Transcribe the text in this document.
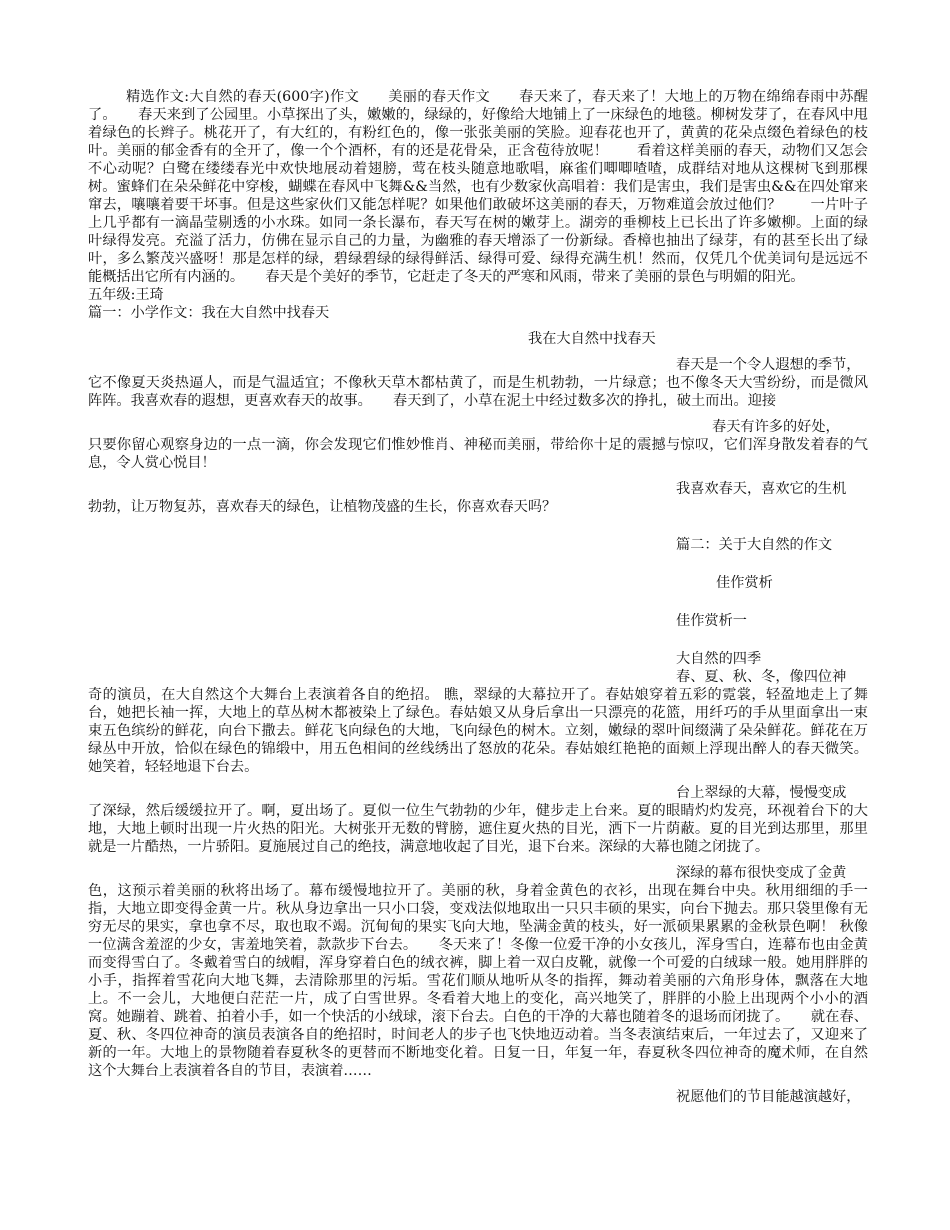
精选作文:大自然的春天(600字)作文　　美丽的春天作文　　春天来了，春天来了！大地上的万物在绵绵春雨中苏醒了。　　春天来到了公园里。小草探出了头，嫩嫩的，绿绿的，好像给大地铺上了一床绿色的地毯。柳树发芽了，在春风中甩着绿色的长辫子。桃花开了，有大红的，有粉红色的，像一张张美丽的笑脸。迎春花也开了，黄黄的花朵点缀色着绿色的枝叶。美丽的郁金香有的全开了，像一个个酒杯，有的还是花骨朵，正含苞待放呢！　　看着这样美丽的春天，动物们又怎会不心动呢？白鹭在缕缕春光中欢快地展动着翅膀，莺在枝头随意地歌唱，麻雀们唧唧喳喳，成群结对地从这棵树飞到那棵树。蜜蜂们在朵朵鲜花中穿梭，蝴蝶在春风中飞舞&&当然，也有少数家伙高唱着：我们是害虫，我们是害虫&&在四处窜来窜去，嚷嚷着要干坏事。但是这些家伙们又能怎样呢？如果他们敢破坏这美丽的春天，万物难道会放过他们？　　一片叶子上几乎都有一滴晶莹剔透的小水珠。如同一条长瀑布，春天写在树的嫩芽上。湖旁的垂柳枝上已长出了许多嫩柳。上面的绿叶绿得发亮。充溢了活力，仿佛在显示自己的力量，为幽雅的春天增添了一份新绿。香樟也抽出了绿芽，有的甚至长出了绿叶，多么繁茂兴盛呀！那是怎样的绿，碧绿碧绿的绿得鲜活、绿得可爱、绿得充满生机！然而，仅凭几个优美词句是远远不能概括出它所有内涵的。　　春天是个美好的季节，它赶走了冬天的严寒和风雨，带来了美丽的景色与明媚的阳光。

五年级:王琦

篇一：小学作文：我在大自然中找春天

我在大自然中找春天

春天是一个令人遐想的季节，

它不像夏天炎热逼人，而是气温适宜；不像秋天草木都枯黄了，而是生机勃勃，一片绿意；也不像冬天大雪纷纷，而是微风阵阵。我喜欢春的遐想，更喜欢春天的故事。　　春天到了，小草在泥土中经过数多次的挣扎，破土而出。迎接

春天有许多的好处，

只要你留心观察身边的一点一滴，你会发现它们惟妙惟肖、神秘而美丽，带给你十足的震撼与惊叹，它们浑身散发着春的气息，令人赏心悦目！

我喜欢春天，喜欢它的生机

勃勃，让万物复苏，喜欢春天的绿色，让植物茂盛的生长，你喜欢春天吗？

篇二：关于大自然的作文

佳作赏析

佳作赏析一

大自然的四季

春、夏、秋、冬，像四位神

奇的演员，在大自然这个大舞台上表演着各自的绝招。 瞧，翠绿的大幕拉开了。春姑娘穿着五彩的霓裳，轻盈地走上了舞台，她把长袖一挥，大地上的草丛树木都被染上了绿色。春姑娘又从身后拿出一只漂亮的花篮，用纤巧的手从里面拿出一束束五色缤纷的鲜花，向台下撒去。鲜花飞向绿色的大地，飞向绿色的树木。立刻，嫩绿的翠叶间缀满了朵朵鲜花。鲜花在万绿丛中开放，恰似在绿色的锦缎中，用五色相间的丝线绣出了怒放的花朵。春姑娘红艳艳的面颊上浮现出醉人的春天微笑。她笑着，轻轻地退下台去。

台上翠绿的大幕，慢慢变成

了深绿，然后缓缓拉开了。啊，夏出场了。夏似一位生气勃勃的少年，健步走上台来。夏的眼睛灼灼发亮，环视着台下的大地，大地上顿时出现一片火热的阳光。大树张开无数的臂膀，遮住夏火热的目光，洒下一片荫蔽。夏的目光到达那里，那里就是一片酷热，一片骄阳。夏施展过自己的绝技，满意地收起了目光，退下台来。深绿的大幕也随之闭拢了。

深绿的幕布很快变成了金黄

色，这预示着美丽的秋将出场了。幕布缓慢地拉开了。美丽的秋，身着金黄色的衣衫，出现在舞台中央。秋用细细的手一指，大地立即变得金黄一片。秋从身边拿出一只小口袋，变戏法似地取出一只只丰硕的果实，向台下抛去。那只袋里像有无穷无尽的果实，拿也拿不尽，取也取不竭。沉甸甸的果实飞向大地，坠满金黄的枝头，好一派硕果累累的金秋景色啊！ 秋像一位满含羞涩的少女，害羞地笑着，款款步下台去。　　冬天来了！冬像一位爱干净的小女孩儿，浑身雪白，连幕布也由金黄而变得雪白了。冬戴着雪白的绒帽，浑身穿着白色的绒衣裤，脚上着一双白皮靴，就像一个可爱的白绒球一般。她用胖胖的小手，指挥着雪花向大地飞舞，去清除那里的污垢。雪花们顺从地听从冬的指挥，舞动着美丽的六角形身体，飘落在大地上。不一会儿，大地便白茫茫一片，成了白雪世界。冬看着大地上的变化，高兴地笑了，胖胖的小脸上出现两个小小的酒窝。她蹦着、跳着、拍着小手，如一个快活的小绒球，滚下台去。白色的干净的大幕也随着冬的退场而闭拢了。　　就在春、夏、秋、冬四位神奇的演员表演各自的绝招时，时间老人的步子也飞快地迈动着。当冬表演结束后，一年过去了，又迎来了新的一年。大地上的景物随着春夏秋冬的更替而不断地变化着。日复一日，年复一年，春夏秋冬四位神奇的魔术师，在自然这个大舞台上表演着各自的节目，表演着……

祝愿他们的节目能越演越好，
